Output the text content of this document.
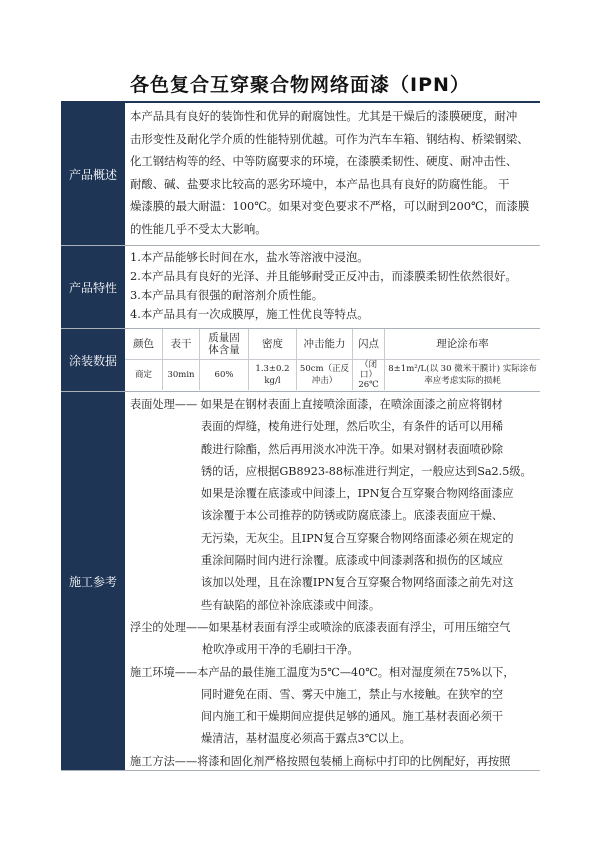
各色复合互穿聚合物网络面漆（IPN）
产品概述

本产品具有良好的装饰性和优异的耐腐蚀性。尤其是干燥后的漆膜硬度，耐冲

击形变性及耐化学介质的性能特别优越。可作为汽车车箱、钢结构、桥梁钢梁、

化工钢结构等的经、中等防腐要求的环境，在漆膜柔韧性、硬度、耐冲击性、

耐酸、碱、盐要求比较高的恶劣环境中，本产品也具有良好的防腐性能。 干

燥漆膜的最大耐温：100℃。如果对变色要求不严格，可以耐到200℃，而漆膜

的性能几乎不受太大影响。

产品特性

1.本产品能够长时间在水，盐水等溶液中浸泡。

2.本产品具有良好的光泽、并且能够耐受正反冲击，而漆膜柔韧性依然很好。

3.本产品具有很强的耐溶剂介质性能。

4.本产品具有一次成膜厚，施工性优良等特点。

涂装数据
颜色 表干 质量固
体含量 密度 冲击能力 闪点	理论涂布率
商定 30min 60%
1.3±0.2
kg/l
50cm（正反
冲击）
（闭
口）
26℃
8±1m²/L(以 30 微米干膜计) 实际涂布
率应考虑实际的损耗
施工参考

表面处理—— 如果是在钢材表面上直接喷涂面漆，在喷涂面漆之前应将钢材

表面的焊缝，棱角进行处理，然后吹尘，有条件的话可以用稀

酸进行除酯，然后再用淡水冲洗干净。如果对钢材表面喷砂除

锈的话，应根据GB8923-88标准进行判定，一般应达到Sa2.5级。

如果是涂覆在底漆或中间漆上，IPN复合互穿聚合物网络面漆应

该涂覆于本公司推荐的防锈或防腐底漆上。底漆表面应干燥、

无污染，无灰尘。且IPN复合互穿聚合物网络面漆必须在规定的

重涂间隔时间内进行涂覆。底漆或中间漆剥落和损伤的区域应

该加以处理，且在涂覆IPN复合互穿聚合物网络面漆之前先对这

些有缺陷的部位补涂底漆或中间漆。

浮尘的处理——如果基材表面有浮尘或喷涂的底漆表面有浮尘，可用压缩空气

枪吹净或用干净的毛刷扫干净。

施工环境——本产品的最佳施工温度为5℃—40℃。相对湿度须在75%以下，

同时避免在雨、雪、雾天中施工，禁止与水接触。在狭窄的空

间内施工和干燥期间应提供足够的通风。施工基材表面必须干

燥清洁，基材温度必须高于露点3℃以上。

施工方法——将漆和固化剂严格按照包装桶上商标中打印的比例配好，再按照
